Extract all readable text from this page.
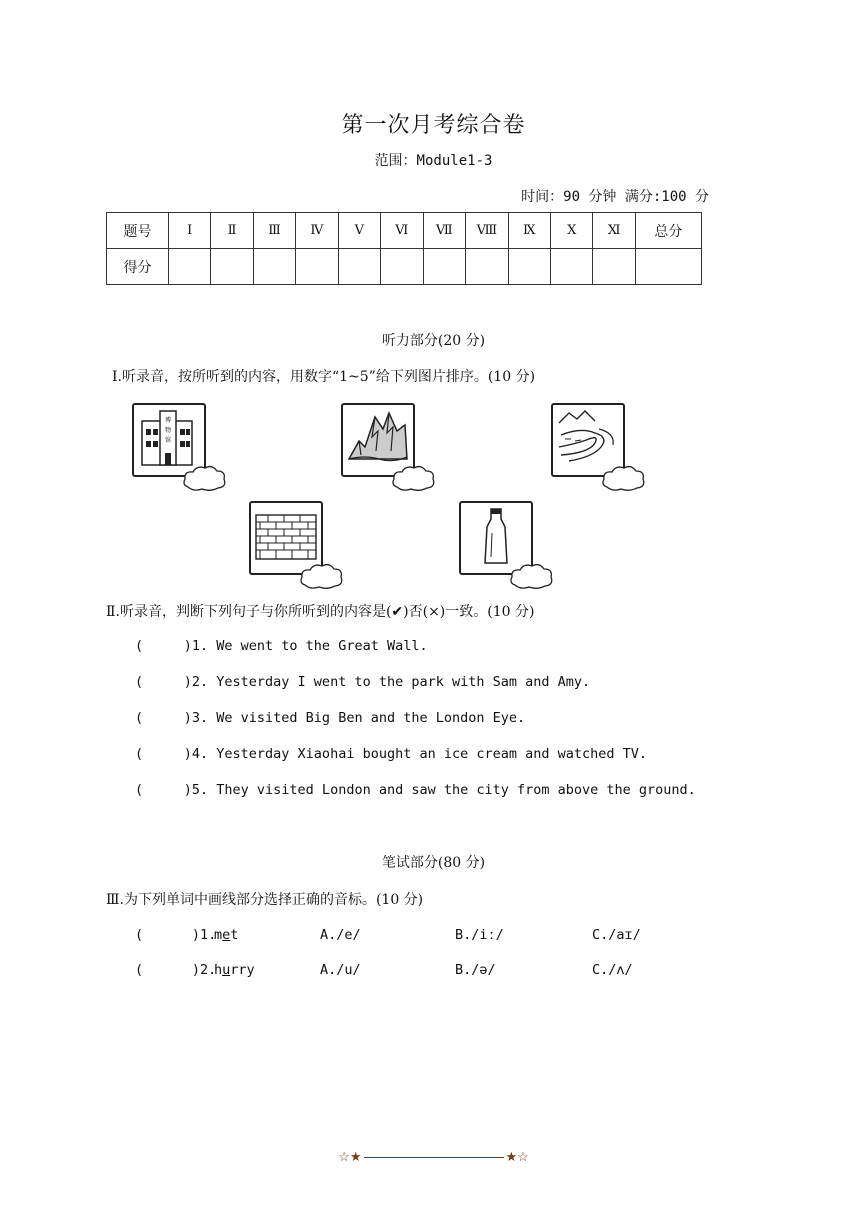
第一次月考综合卷
范围：Module1-3
时间：90 分钟 满分:100 分
题号	Ⅰ	Ⅱ	Ⅲ	Ⅳ	Ⅴ	Ⅵ	Ⅶ	Ⅷ	Ⅸ	Ⅹ	Ⅺ	总分
得分												
听力部分(20 分)
Ⅰ.听录音，按所听到的内容，用数字“1~5”给下列图片排序。(10 分)
博
物
馆
Ⅱ.听录音，判断下列句子与你所听到的内容是(✔)否(×)一致。(10 分)
(     )1. We went to the Great Wall.
(     )2. Yesterday I went to the park with Sam and Amy.
(     )3. We visited Big Ben and the London Eye.
(     )4. Yesterday Xiaohai bought an ice cream and watched TV.
(     )5. They visited London and saw the city from above the ground.
笔试部分(80 分)
Ⅲ.为下列单词中画线部分选择正确的音标。(10 分)
(      )1.
met	A./e/	B./iː/	C./aɪ/
(      )2.
hurry	A./u/	B./ə/	C./ʌ/
☆★	★☆
